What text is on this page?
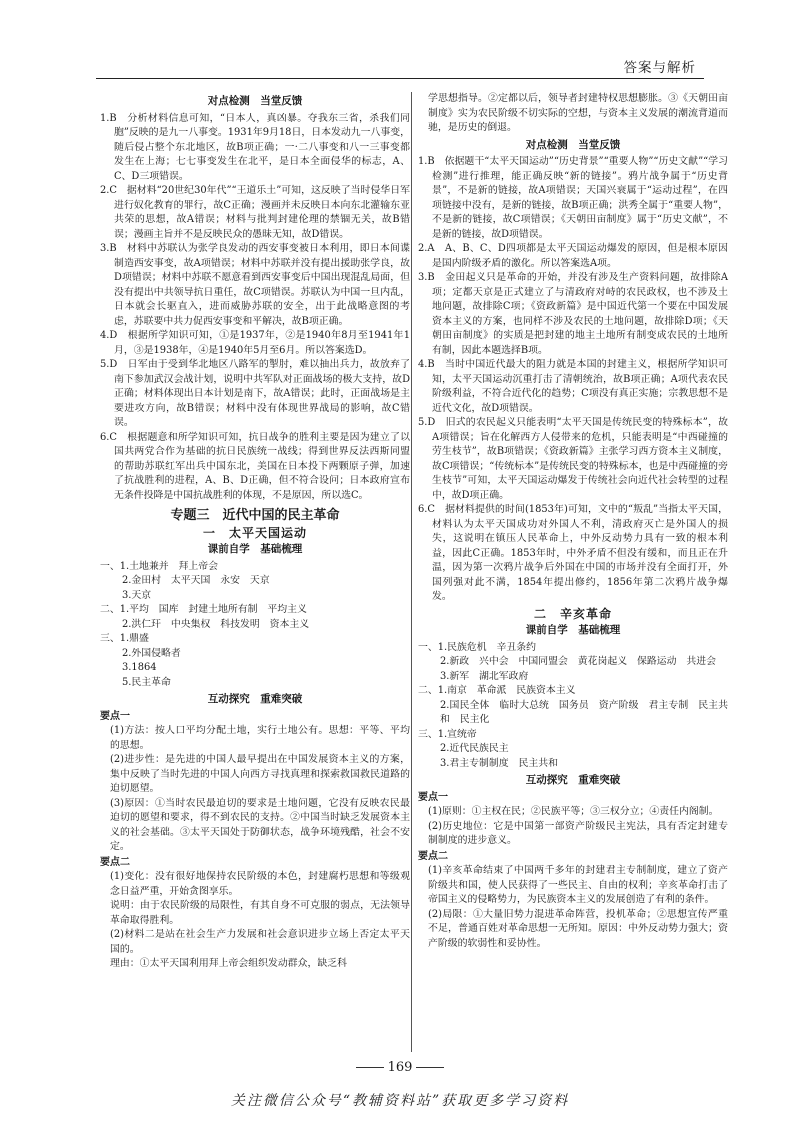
答案与解析
对点检测　当堂反馈

1.B　分析材料信息可知，“日本人，真凶暴。夺我东三省，杀我们同胞”反映的是九一八事变。1931年9月18日，日本发动九一八事变，随后侵占整个东北地区，故B项正确；一·二八事变和八一三事变都发生在上海；七七事变发生在北平，是日本全面侵华的标志，A、C、D三项错误。

2.C　据材料“20世纪30年代”“王道乐土”可知，这反映了当时侵华日军进行奴化教育的罪行，故C正确；漫画并未反映日本向东北灌输东亚共荣的思想，故A错误；材料与批判封建伦理的禁锢无关，故B错误；漫画主旨并不是反映民众的愚昧无知，故D错误。

3.B　材料中苏联认为张学良发动的西安事变被日本利用，即日本间谍制造西安事变，故A项错误；材料中苏联并没有提出援助张学良，故D项错误；材料中苏联不愿意看到西安事变后中国出现混乱局面，但没有提出中共领导抗日重任，故C项错误。苏联认为中国一旦内乱，日本就会长驱直入，进而威胁苏联的安全，出于此战略意图的考虑，苏联要中共力促西安事变和平解决，故B项正确。

4.D　根据所学知识可知，①是1937年，②是1940年8月至1941年1月，③是1938年，④是1940年5月至6月。所以答案选D。

5.D　日军由于受到华北地区八路军的掣肘，难以抽出兵力，故放弃了南下参加武汉会战计划，说明中共军队对正面战场的极大支持，故D正确；材料体现出日本计划是南下，故A错误；此时，正面战场是主要进攻方向，故B错误；材料中没有体现世界战局的影响，故C错误。

6.C　根据题意和所学知识可知，抗日战争的胜利主要是因为建立了以国共两党合作为基础的抗日民族统一战线；得到世界反法西斯同盟的帮助苏联红军出兵中国东北，美国在日本投下两颗原子弹，加速了抗战胜利的进程，A、B、D正确，但不符合设问；日本政府宣布无条件投降是中国抗战胜利的体现，不是原因，所以选C。

专题三　近代中国的民主革命
一　太平天国运动
课前自学　基础梳理

一、1.土地兼并　拜上帝会

2.金田村　太平天国　永安　天京

3.天京

二、1.平均　国库　封建土地所有制　平均主义

2.洪仁玕　中央集权　科技发明　资本主义

三、1.鼎盛

2.外国侵略者

3.1864

5.民主革命

互动探究　重难突破
要点一

(1)方法：按人口平均分配土地，实行土地公有。思想：平等、平均的思想。

(2)进步性：是先进的中国人最早提出在中国发展资本主义的方案，集中反映了当时先进的中国人向西方寻找真理和探索救国救民道路的迫切愿望。

(3)原因：①当时农民最迫切的要求是土地问题，它没有反映农民最迫切的愿望和要求，得不到农民的支持。②中国当时缺乏发展资本主义的社会基础。③太平天国处于防御状态，战争环境残酷，社会不安定。

要点二

(1)变化：没有很好地保持农民阶级的本色，封建腐朽思想和等级观念日益严重，开始贪图享乐。

说明：由于农民阶级的局限性，有其自身不可克服的弱点，无法领导革命取得胜利。

(2)材料二是站在社会生产力发展和社会意识进步立场上否定太平天国的。

理由：①太平天国利用拜上帝会组织发动群众，缺乏科

学思想指导。②定都以后，领导者封建特权思想膨胀。③《天朝田亩制度》实为农民阶级不切实际的空想，与资本主义发展的潮流背道而驰，是历史的倒退。

对点检测　当堂反馈

1.B　依据题干“太平天国运动”“历史背景”“重要人物”“历史文献”“学习检测”进行推理，能正确反映“新的链接”。鸦片战争属于“历史背景”，不是新的链接，故A项错误；天国兴衰属于“运动过程”，在四项链接中没有，是新的链接，故B项正确；洪秀全属于“重要人物”，不是新的链接，故C项错误；《天朝田亩制度》属于“历史文献”，不是新的链接，故D项错误。

2.A　A、B、C、D四项都是太平天国运动爆发的原因，但是根本原因是国内阶级矛盾的激化。所以答案选A项。

3.B　金田起义只是革命的开始，并没有涉及生产资料问题，故排除A项；定都天京是正式建立了与清政府对峙的农民政权，也不涉及土地问题，故排除C项；《资政新篇》是中国近代第一个要在中国发展资本主义的方案，也同样不涉及农民的土地问题，故排除D项；《天朝田亩制度》的实质是把封建的地主土地所有制变成农民的土地所有制，因此本题选择B项。

4.B　当时中国近代最大的阻力就是本国的封建主义，根据所学知识可知，太平天国运动沉重打击了清朝统治，故B项正确；A项代表农民阶级利益，不符合近代化的趋势；C项没有真正实施；宗教思想不是近代文化，故D项错误。

5.D　旧式的农民起义只能表明“太平天国是传统民变的特殊标本”，故A项错误；旨在化解西方人侵带来的危机，只能表明是“中西碰撞的劳生枝节”，故B项错误；《资政新篇》主张学习西方资本主义制度，故C项错误；“传统标本”是传统民变的特殊标本，也是中西碰撞的旁生枝节”可知，太平天国运动爆发于传统社会向近代社会转型的过程中，故D项正确。

6.C　据材料提供的时间(1853年)可知，文中的“叛乱”当指太平天国，材料认为太平天国成功对外国人不利，清政府灭亡是外国人的损失，这说明在镇压人民革命上，中外反动势力具有一致的根本利益，因此C正确。1853年时，中外矛盾不但没有缓和，而且正在升温，因为第一次鸦片战争后外国在中国的市场并没有全面打开，外国列强对此不满，1854年提出修约，1856年第二次鸦片战争爆发。

二　辛亥革命
课前自学　基础梳理

一、1.民族危机　辛丑条约

2.新政　兴中会　中国同盟会　黄花岗起义　保路运动　共进会

3.新军　湖北军政府

二、1.南京　革命派　民族资本主义

2.国民全体　临时大总统　国务员　资产阶级　君主专制　民主共和　民主化

三、1.宣统帝

2.近代民族民主

3.君主专制制度　民主共和

互动探究　重难突破
要点一

(1)原则：①主权在民；②民族平等；③三权分立；④责任内阁制。

(2)历史地位：它是中国第一部资产阶级民主宪法，具有否定封建专制制度的进步意义。

要点二

(1)辛亥革命结束了中国两千多年的封建君主专制制度，建立了资产阶级共和国，使人民获得了一些民主、自由的权利；辛亥革命打击了帝国主义的侵略势力，为民族资本主义的发展创造了有利的条件。

(2)局限：①大量旧势力混进革命阵营，投机革命；②思想宣传严重不足，普通百姓对革命思想一无所知。原因：中外反动势力强大；资产阶级的软弱性和妥协性。

169
关注微信公众号“教辅资料站”获取更多学习资料
